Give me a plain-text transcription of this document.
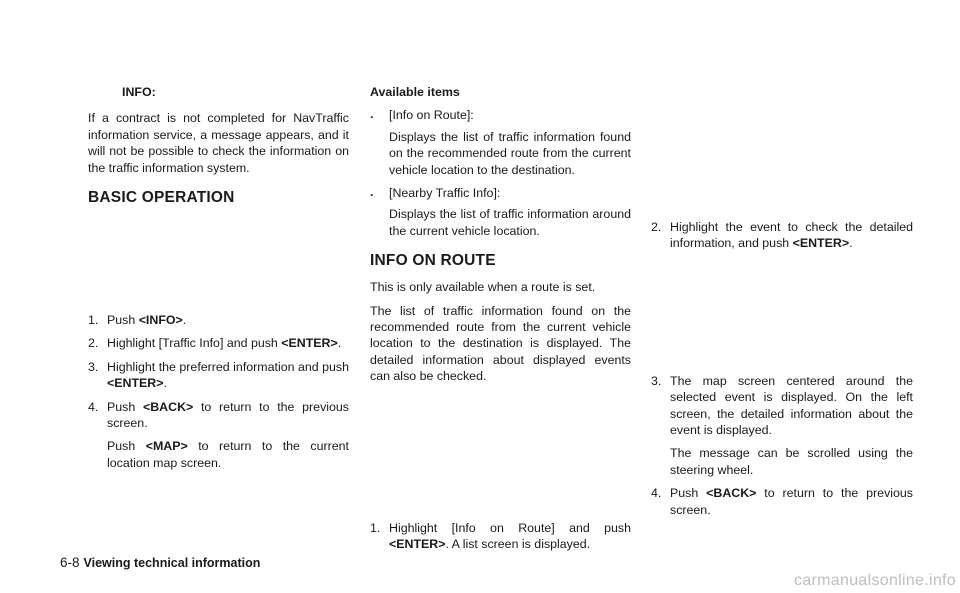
INFO:

If a contract is not completed for NavTraffic information service, a message appears, and it will not be possible to check the information on the traffic information system.

BASIC OPERATION
1. Push <INFO>.
2. Highlight [Traffic Info] and push <ENTER>.
3. Highlight the preferred information and push <ENTER>.
4. Push <BACK> to return to the previous screen.
Push <MAP> to return to the current location map screen.
Available items
. [Info on Route]:
Displays the list of traffic information found on the recommended route from the current vehicle location to the destination.
. [Nearby Traffic Info]:
Displays the list of traffic information around the current vehicle location.
INFO ON ROUTE

This is only available when a route is set.

The list of traffic information found on the recommended route from the current vehicle location to the destination is displayed. The detailed information about displayed events can also be checked.

1. Highlight [Info on Route] and push <ENTER>. A list screen is displayed.
2. Highlight the event to check the detailed information, and push <ENTER>.
3. The map screen centered around the selected event is displayed. On the left screen, the detailed information about the event is displayed.
The message can be scrolled using the steering wheel.
4. Push <BACK> to return to the previous screen.
6-8 Viewing technical information
carmanualsonline.info
